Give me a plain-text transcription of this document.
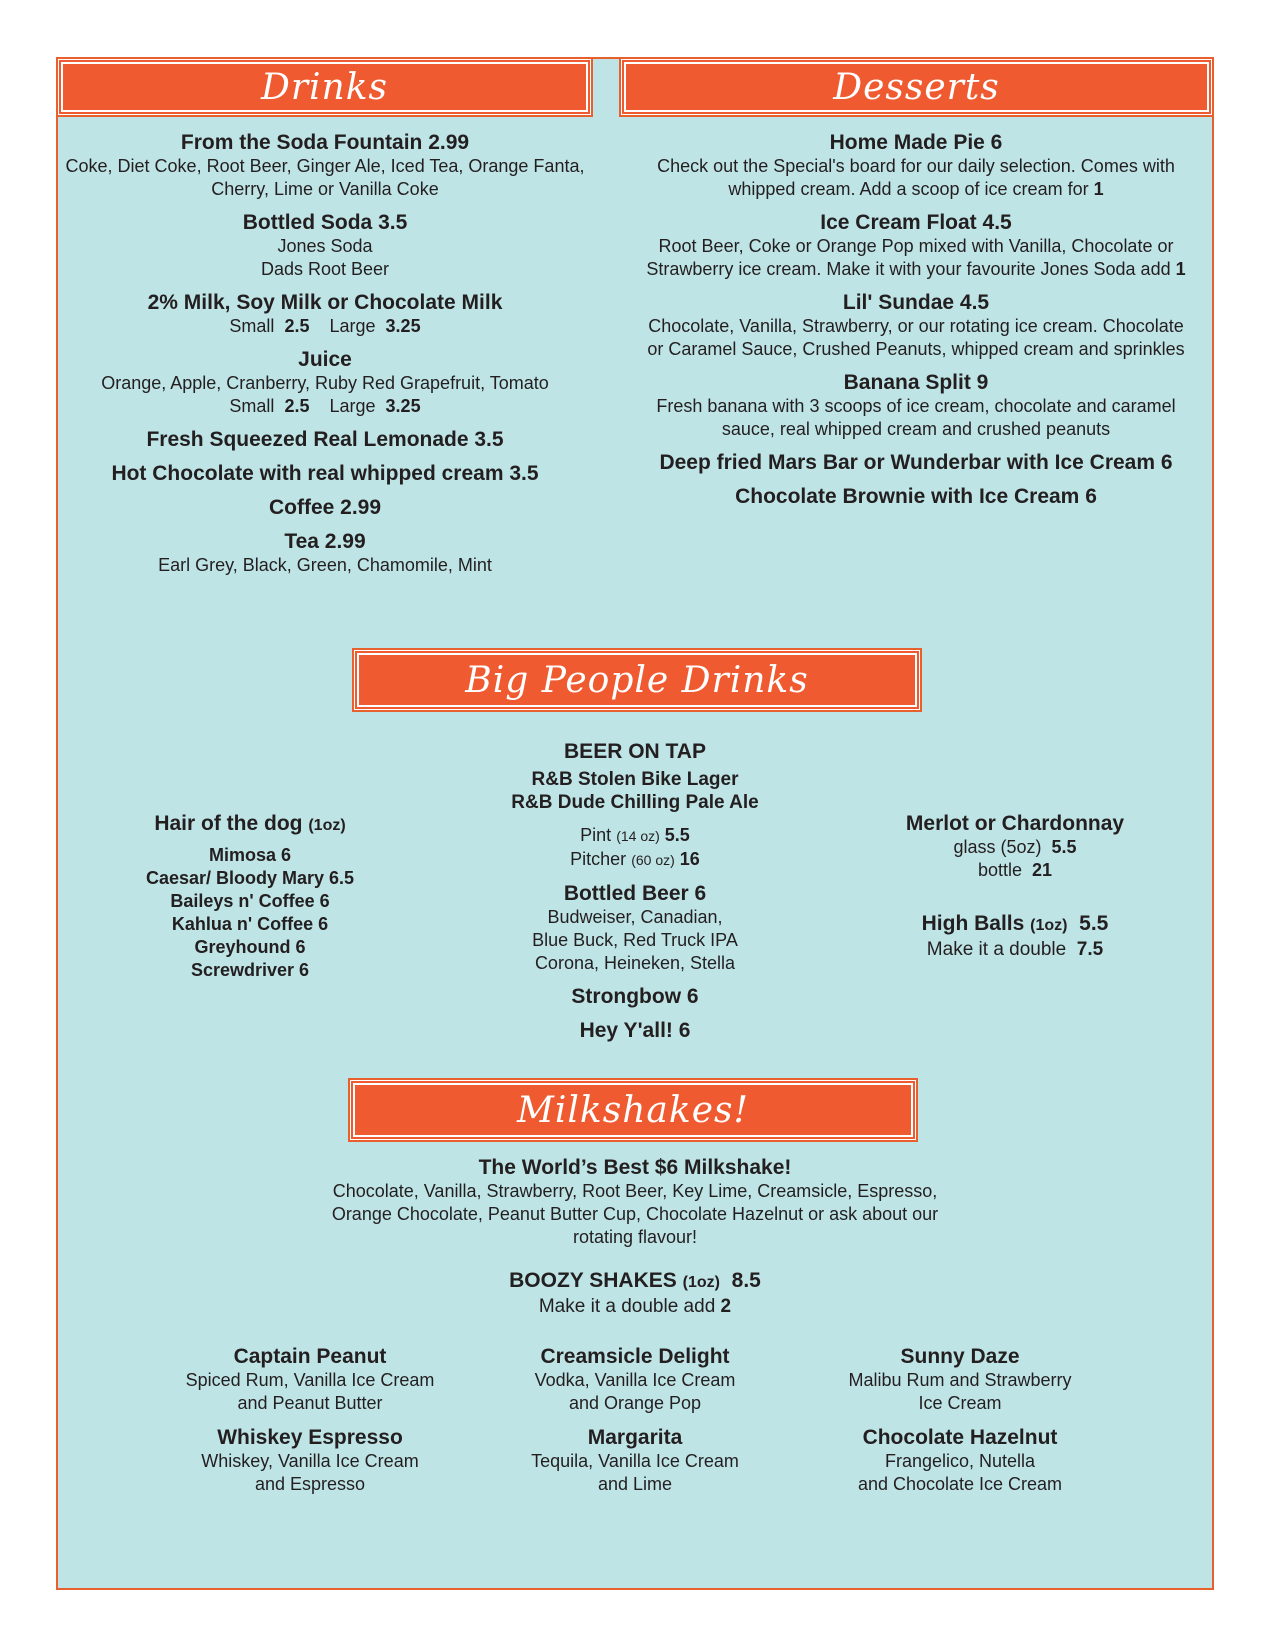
Drinks	Desserts
From the Soda Fountain 2.99
Coke, Diet Coke, Root Beer, Ginger Ale, Iced Tea, Orange Fanta,
Cherry, Lime or Vanilla Coke
Bottled Soda 3.5
Jones Soda
Dads Root Beer
2% Milk, Soy Milk or Chocolate Milk
Small 2.5 Large 3.25
Juice
Orange, Apple, Cranberry, Ruby Red Grapefruit, Tomato
Small 2.5 Large 3.25
Fresh Squeezed Real Lemonade 3.5
Hot Chocolate with real whipped cream 3.5
Coffee 2.99
Tea 2.99
Earl Grey, Black, Green, Chamomile, Mint
Home Made Pie 6
Check out the Special's board for our daily selection. Comes with
whipped cream. Add a scoop of ice cream for 1
Ice Cream Float 4.5
Root Beer, Coke or Orange Pop mixed with Vanilla, Chocolate or
Strawberry ice cream. Make it with your favourite Jones Soda add 1
Lil' Sundae 4.5
Chocolate, Vanilla, Strawberry, or our rotating ice cream. Chocolate
or Caramel Sauce, Crushed Peanuts, whipped cream and sprinkles
Banana Split 9
Fresh banana with 3 scoops of ice cream, chocolate and caramel
sauce, real whipped cream and crushed peanuts
Deep fried Mars Bar or Wunderbar with Ice Cream 6
Chocolate Brownie with Ice Cream 6
Big People Drinks
Hair of the dog (1oz)
Mimosa 6
Caesar/ Bloody Mary 6.5
Baileys n' Coffee 6
Kahlua n' Coffee 6
Greyhound 6
Screwdriver 6
BEER ON TAP
R&B Stolen Bike Lager
R&B Dude Chilling Pale Ale
Pint (14 oz) 5.5
Pitcher (60 oz) 16
Bottled Beer 6
Budweiser, Canadian,
Blue Buck, Red Truck IPA
Corona, Heineken, Stella
Strongbow 6
Hey Y'all! 6
Merlot or Chardonnay
glass (5oz) 5.5
bottle 21
High Balls (1oz) 5.5
Make it a double 7.5
Milkshakes!
The World’s Best $6 Milkshake!
Chocolate, Vanilla, Strawberry, Root Beer, Key Lime, Creamsicle, Espresso,
Orange Chocolate, Peanut Butter Cup, Chocolate Hazelnut or ask about our
rotating flavour!
BOOZY SHAKES (1oz) 8.5
Make it a double add 2
Captain Peanut
Spiced Rum, Vanilla Ice Cream
and Peanut Butter
Creamsicle Delight
Vodka, Vanilla Ice Cream
and Orange Pop
Sunny Daze
Malibu Rum and Strawberry
Ice Cream
Whiskey Espresso
Whiskey, Vanilla Ice Cream
and Espresso
Margarita
Tequila, Vanilla Ice Cream
and Lime
Chocolate Hazelnut
Frangelico, Nutella
and Chocolate Ice Cream
